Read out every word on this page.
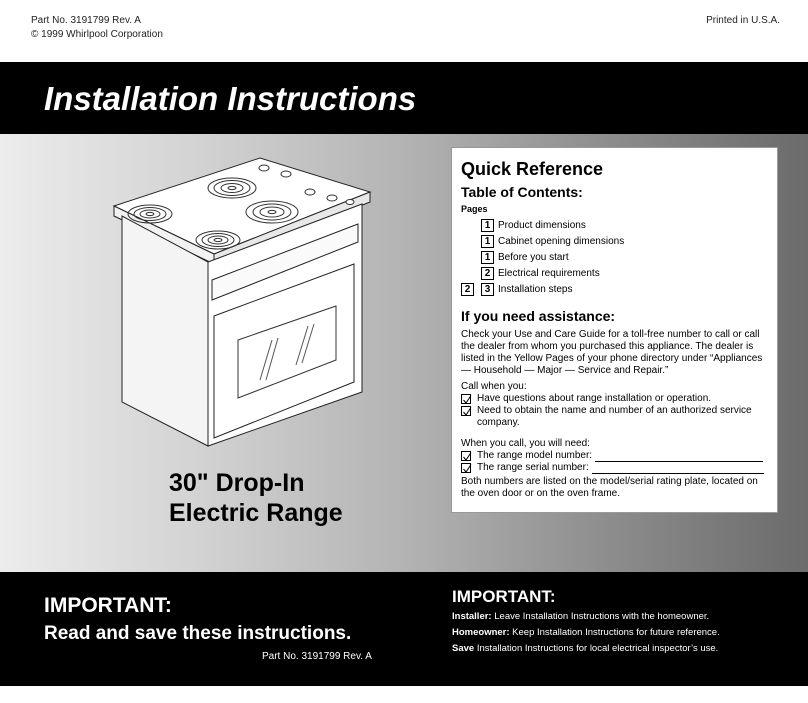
Part No. 3191799 Rev. A
© 1999 Whirlpool Corporation
Printed in U.S.A.
Installation Instructions
30" Drop-In
Electric Range
Quick Reference
Table of Contents:
Pages
1 Product dimensions
1 Cabinet opening dimensions
1 Before you start
2 Electrical requirements
2	3 Installation steps
If you need assistance:
Check your Use and Care Guide for a toll-free number to call or call the dealer from whom you purchased this appliance. The dealer is listed in the Yellow Pages of your phone directory under “Appliances — Household — Major — Service and Repair.”
Call when you:
Have questions about range installation or operation.
Need to obtain the name and number of an authorized service company.
When you call, you will need:
The range model number:
The range serial number:
Both numbers are listed on the model/serial rating plate, located on the oven door or on the oven frame.
IMPORTANT:
Read and save these instructions.
Part No. 3191799 Rev. A
IMPORTANT:
Installer: Leave Installation Instructions with the homeowner.
Homeowner: Keep Installation Instructions for future reference.
Save Installation Instructions for local electrical inspector’s use.
